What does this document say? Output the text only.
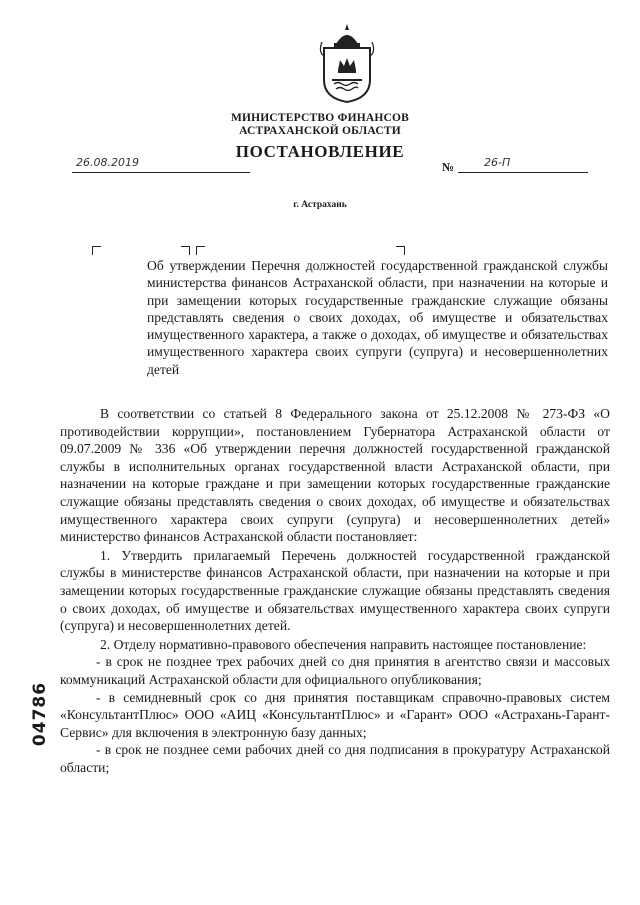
МИНИСТЕРСТВО ФИНАНСОВ
АСТРАХАНСКОЙ ОБЛАСТИ
ПОСТАНОВЛЕНИЕ
26.08.2019	№	26-П
г. Астрахань
Об утверждении Перечня должностей государственной гражданской службы министерства финансов Астраханской области, при назначении на которые и при замещении которых государственные гражданские служащие обязаны представлять сведения о своих доходах, об имуществе и обязательствах имущественного характера, а также о доходах, об имуществе и обязательствах имущественного характера своих супруги (супруга) и несовершеннолетних детей

В соответствии со статьей 8 Федерального закона от 25.12.2008 № 273-ФЗ «О противодействии коррупции», постановлением Губернатора Астраханской области от 09.07.2009 № 336 «Об утверждении перечня должностей государственной гражданской службы в исполнительных органах государственной власти Астраханской области, при назначении на которые граждане и при замещении которых государственные гражданские служащие обязаны представлять сведения о своих доходах, об имуществе и обязательствах имущественного характера своих супруги (супруга) и несовершеннолетних детей» министерство финансов Астраханской области постановляет:

1. Утвердить прилагаемый Перечень должностей государственной гражданской службы в министерстве финансов Астраханской области, при назначении на которые и при замещении которых государственные гражданские служащие обязаны представлять сведения о своих доходах, об имуществе и обязательствах имущественного характера своих супруги (супруга) и несовершеннолетних детей.

2. Отделу нормативно-правового обеспечения направить настоящее постановление:

- в срок не позднее трех рабочих дней со дня принятия в агентство связи и массовых коммуникаций Астраханской области для официального опубликования;

- в семидневный срок со дня принятия поставщикам справочно-правовых систем «КонсультантПлюс» ООО «АИЦ «КонсультантПлюс» и «Гарант» ООО «Астрахань-Гарант-Сервис» для включения в электронную базу данных;

- в срок не позднее семи рабочих дней со дня подписания в прокуратуру Астраханской области;

04786
